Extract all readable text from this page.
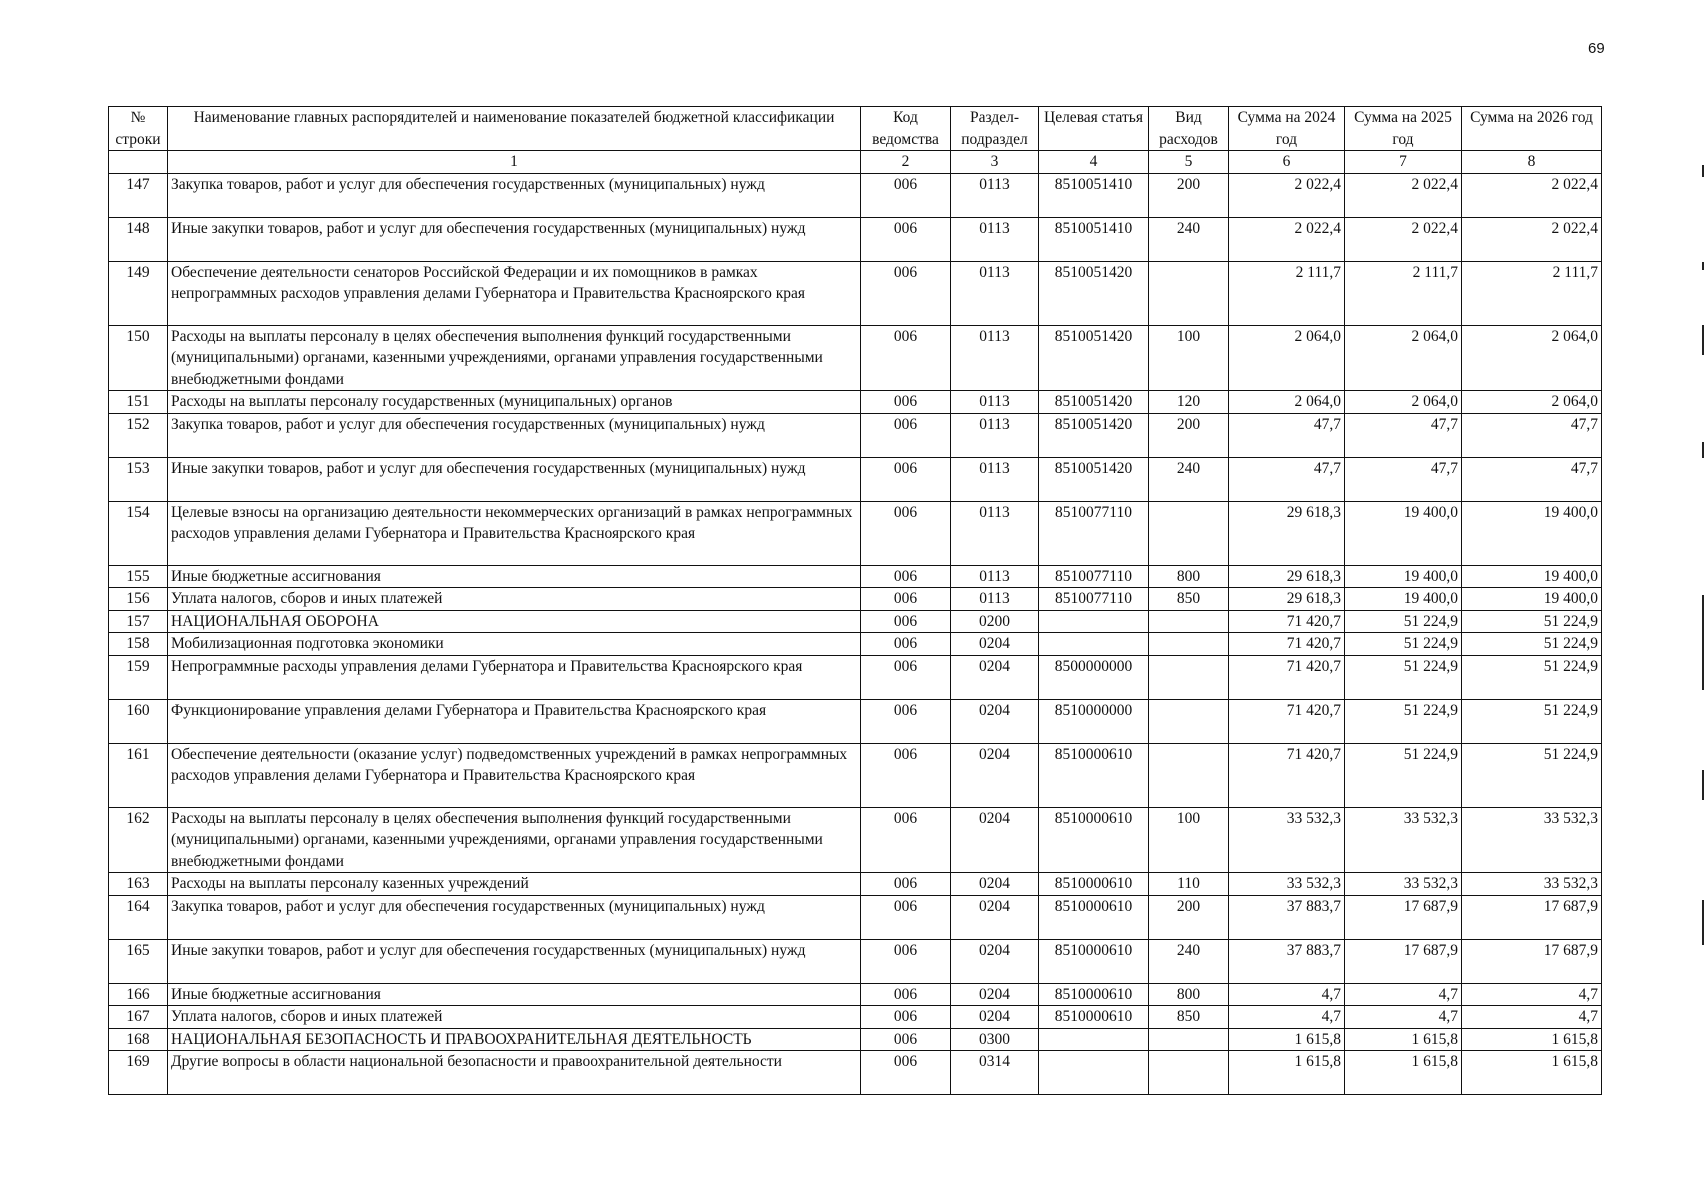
69
№ строки	Наименование главных распорядителей и наименование показателей бюджетной классификации	Код ведомства	Раздел-подраздел	Целевая статья	Вид расходов	Сумма на 2024 год	Сумма на 2025 год	Сумма на 2026 год
	1	2	3	4	5	6	7	8
147	Закупка товаров, работ и услуг для обеспечения государственных (муниципальных) нужд	006	0113	8510051410	200	2 022,4	2 022,4	2 022,4
148	Иные закупки товаров, работ и услуг для обеспечения государственных (муниципальных) нужд	006	0113	8510051410	240	2 022,4	2 022,4	2 022,4
149	Обеспечение деятельности сенаторов Российской Федерации и их помощников в рамках непрограммных расходов управления делами Губернатора и Правительства Красноярского края	006	0113	8510051420		2 111,7	2 111,7	2 111,7
150	Расходы на выплаты персоналу в целях обеспечения выполнения функций государственными (муниципальными) органами, казенными учреждениями, органами управления государственными внебюджетными фондами	006	0113	8510051420	100	2 064,0	2 064,0	2 064,0
151	Расходы на выплаты персоналу государственных (муниципальных) органов	006	0113	8510051420	120	2 064,0	2 064,0	2 064,0
152	Закупка товаров, работ и услуг для обеспечения государственных (муниципальных) нужд	006	0113	8510051420	200	47,7	47,7	47,7
153	Иные закупки товаров, работ и услуг для обеспечения государственных (муниципальных) нужд	006	0113	8510051420	240	47,7	47,7	47,7
154	Целевые взносы на организацию деятельности некоммерческих организаций в рамках непрограммных расходов управления делами Губернатора и Правительства Красноярского края	006	0113	8510077110		29 618,3	19 400,0	19 400,0
155	Иные бюджетные ассигнования	006	0113	8510077110	800	29 618,3	19 400,0	19 400,0
156	Уплата налогов, сборов и иных платежей	006	0113	8510077110	850	29 618,3	19 400,0	19 400,0
157	НАЦИОНАЛЬНАЯ ОБОРОНА	006	0200			71 420,7	51 224,9	51 224,9
158	Мобилизационная подготовка экономики	006	0204			71 420,7	51 224,9	51 224,9
159	Непрограммные расходы управления делами Губернатора и Правительства Красноярского края	006	0204	8500000000		71 420,7	51 224,9	51 224,9
160	Функционирование управления делами Губернатора и Правительства Красноярского края	006	0204	8510000000		71 420,7	51 224,9	51 224,9
161	Обеспечение деятельности (оказание услуг) подведомственных учреждений в рамках непрограммных расходов управления делами Губернатора и Правительства Красноярского края	006	0204	8510000610		71 420,7	51 224,9	51 224,9
162	Расходы на выплаты персоналу в целях обеспечения выполнения функций государственными (муниципальными) органами, казенными учреждениями, органами управления государственными внебюджетными фондами	006	0204	8510000610	100	33 532,3	33 532,3	33 532,3
163	Расходы на выплаты персоналу казенных учреждений	006	0204	8510000610	110	33 532,3	33 532,3	33 532,3
164	Закупка товаров, работ и услуг для обеспечения государственных (муниципальных) нужд	006	0204	8510000610	200	37 883,7	17 687,9	17 687,9
165	Иные закупки товаров, работ и услуг для обеспечения государственных (муниципальных) нужд	006	0204	8510000610	240	37 883,7	17 687,9	17 687,9
166	Иные бюджетные ассигнования	006	0204	8510000610	800	4,7	4,7	4,7
167	Уплата налогов, сборов и иных платежей	006	0204	8510000610	850	4,7	4,7	4,7
168	НАЦИОНАЛЬНАЯ БЕЗОПАСНОСТЬ И ПРАВООХРАНИТЕЛЬНАЯ ДЕЯТЕЛЬНОСТЬ	006	0300			1 615,8	1 615,8	1 615,8
169	Другие вопросы в области национальной безопасности и правоохранительной деятельности	006	0314			1 615,8	1 615,8	1 615,8
